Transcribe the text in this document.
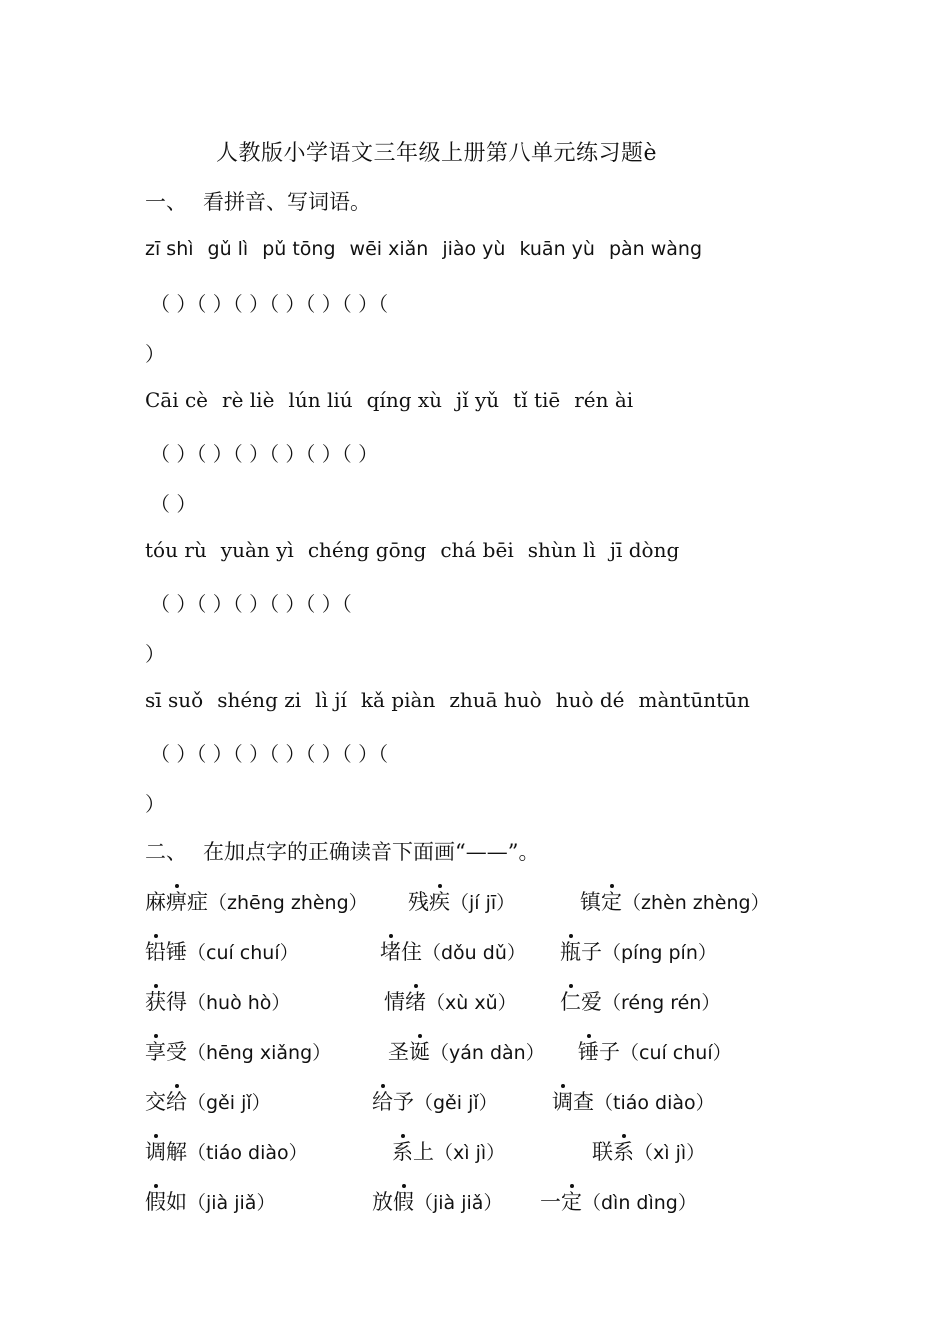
人教版小学语文三年级上册第八单元练习题è
一、 看拼音、写词语。
zī shì gǔ lì pǔ tōng wēi xiǎn jiào yù kuān yù pàn wàng
（ ）（ ）（ ）（ ）（ ）（ ）（
）
Cāi cè rè liè lún liú qíng xù jǐ yǔ tǐ tiē rén ài
（ ）（ ）（ ）（ ）（ ）（ ）
（ ）
tóu rù yuàn yì chéng gōng chá bēi shùn lì jī dòng
（ ）（ ）（ ）（ ）（ ）（
）
sī suǒ shéng zi lì jí kǎ piàn zhuā huò huò dé màntūntūn
（ ）（ ）（ ）（ ）（ ）（ ）（
）
二、 在加点字的正确读音下面画“——”。
麻痹症（zhēng zhèng） 残疾（jí jī）	镇定（zhèn zhèng）
铅锤（cuí chuí）	堵住（dǒu dǔ） 瓶子（píng pín）
获得（huò hò）	情绪（xù xǔ） 仁爱（réng rén）
享受（hēng xiǎng）	圣诞（yán dàn） 锤子（cuí chuí）
交给（gěi jǐ）	给予（gěi jǐ）	调查（tiáo diào）
调解（tiáo diào）	系上（xì jì）	联系（xì jì）
假如（jià jiǎ）	放假（jià jiǎ） 一定（dìn dìng）
